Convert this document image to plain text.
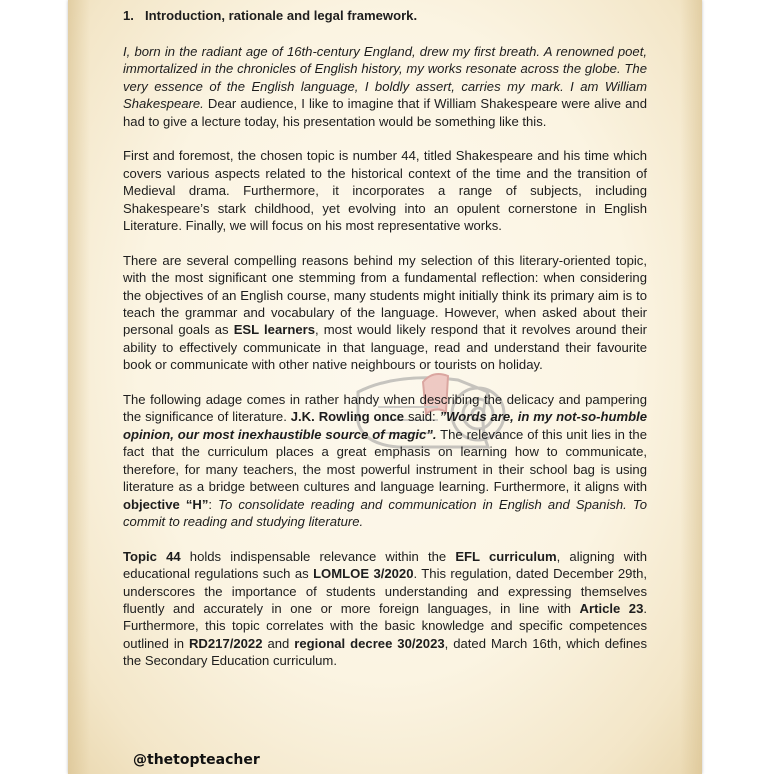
1. Introduction, rationale and legal framework.

I, born in the radiant age of 16th-century England, drew my first breath. A renowned poet, immortalized in the chronicles of English history, my works resonate across the globe. The very essence of the English language, I boldly assert, carries my mark. I am William Shakespeare. Dear audience, I like to imagine that if William Shakespeare were alive and had to give a lecture today, his presentation would be something like this.

First and foremost, the chosen topic is number 44, titled Shakespeare and his time which covers various aspects related to the historical context of the time and the transition of Medieval drama. Furthermore, it incorporates a range of subjects, including Shakespeare’s stark childhood, yet evolving into an opulent cornerstone in English Literature. Finally, we will focus on his most representative works.

There are several compelling reasons behind my selection of this literary-oriented topic, with the most significant one stemming from a fundamental reflection: when considering the objectives of an English course, many students might initially think its primary aim is to teach the grammar and vocabulary of the language. However, when asked about their personal goals as ESL learners, most would likely respond that it revolves around their ability to effectively communicate in that language, read and understand their favourite book or communicate with other native neighbours or tourists on holiday.

The following adage comes in rather handy when describing the delicacy and pampering the significance of literature. J.K. Rowling once said: ”Words are, in my not-so-humble opinion, our most inexhaustible source of magic”. The relevance of this unit lies in the fact that the curriculum places a great emphasis on learning how to communicate, therefore, for many teachers, the most powerful instrument in their school bag is using literature as a bridge between cultures and language learning. Furthermore, it aligns with objective “H”: To consolidate reading and communication in English and Spanish. To commit to reading and studying literature.

Topic 44 holds indispensable relevance within the EFL curriculum, aligning with educational regulations such as LOMLOE 3/2020. This regulation, dated December 29th, underscores the importance of students understanding and expressing themselves fluently and accurately in one or more foreign languages, in line with Article 23. Furthermore, this topic correlates with the basic knowledge and specific competences outlined in RD217/2022 and regional decree 30/2023, dated March 16th, which defines the Secondary Education curriculum.

@thetopteacher
